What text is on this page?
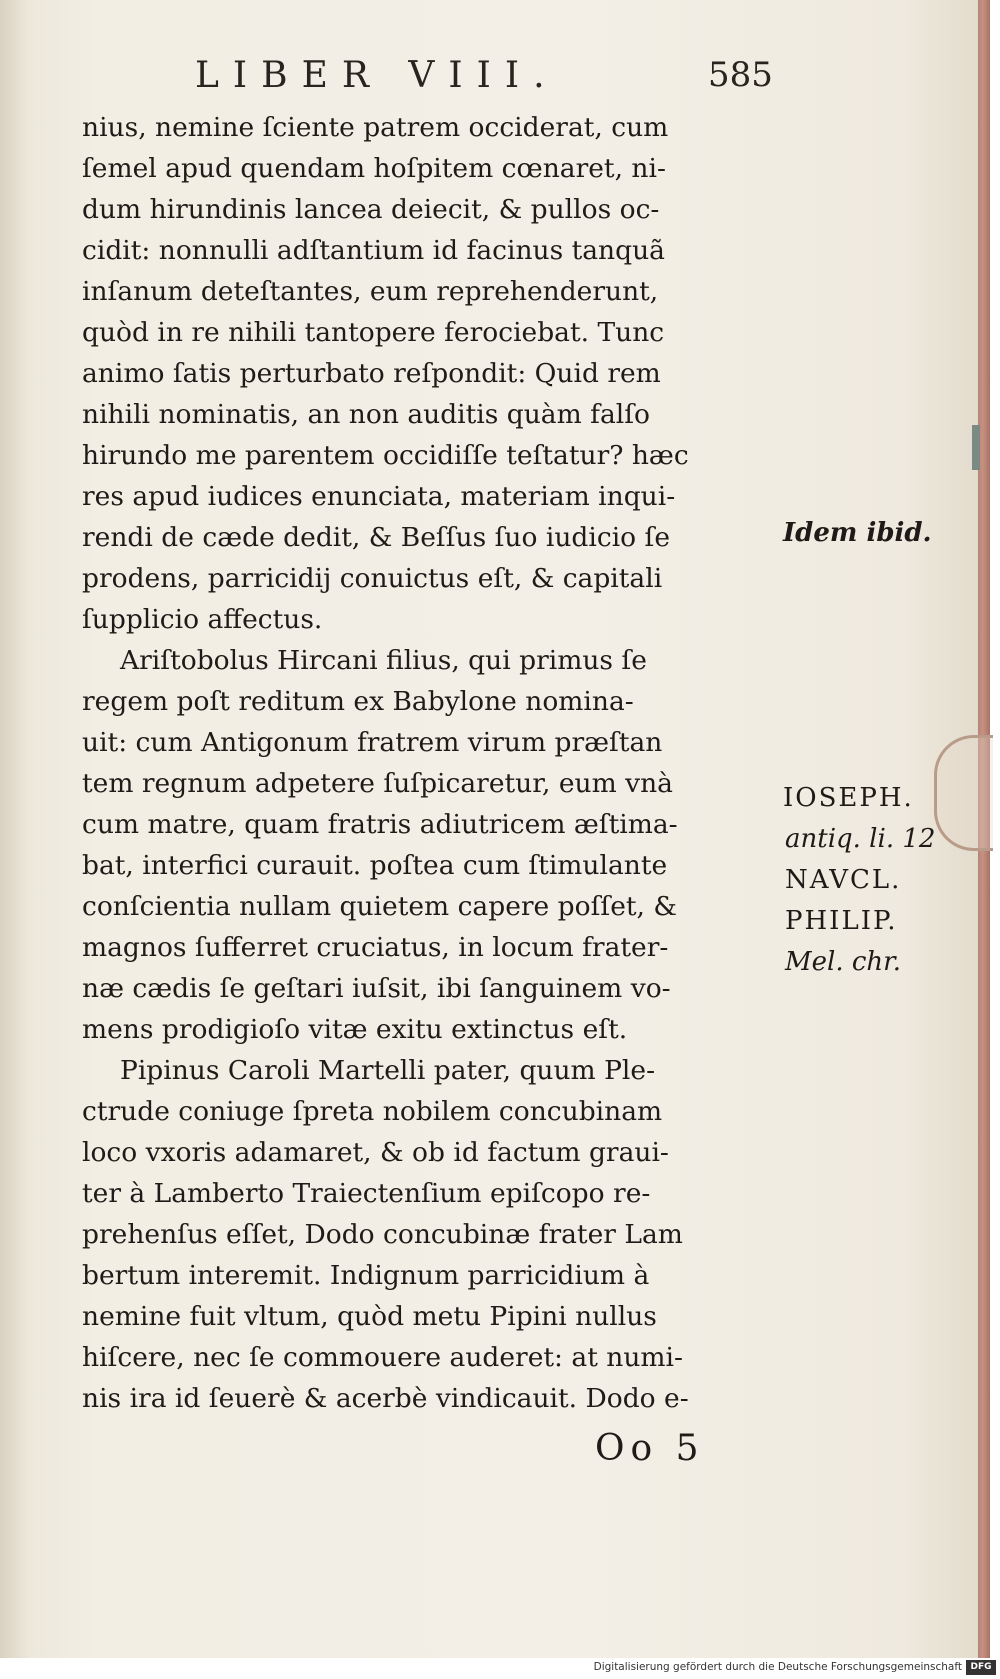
LIBER VIII.	585
nius, nemine ſciente patrem occiderat, cum
ſemel apud quendam hoſpitem cœnaret, ni-
dum hirundinis lancea deiecit, & pullos oc-
cidit: nonnulli adſtantium id facinus tanquã
inſanum deteſtantes, eum reprehenderunt,
quòd in re nihili tantopere ferociebat. Tunc
animo ſatis perturbato reſpondit: Quid rem
nihili nominatis, an non auditis quàm falſo
hirundo me parentem occidiſſe teſtatur? hæc
res apud iudices enunciata, materiam inqui-
rendi de cæde dedit, & Beſſus ſuo iudicio ſe
prodens, parricidij conuictus eſt, & capitali
ſupplicio affectus.
Ariſtobolus Hircani filius, qui primus ſe
regem poſt reditum ex Babylone nomina-
uit: cum Antigonum fratrem virum præſtan
tem regnum adpetere ſuſpicaretur, eum vnà
cum matre, quam fratris adiutricem æſtima-
bat, interfici curauit. poſtea cum ſtimulante
conſcientia nullam quietem capere poſſet, &
magnos ſufferret cruciatus, in locum frater-
næ cædis ſe geſtari iuſsit, ibi ſanguinem vo-
mens prodigioſo vitæ exitu extinctus eſt.
Pipinus Caroli Martelli pater, quum Ple-
ctrude coniuge ſpreta nobilem concubinam
loco vxoris adamaret, & ob id factum graui-
ter à Lamberto Traiectenſium epiſcopo re-
prehenſus eſſet, Dodo concubinæ frater Lam
bertum interemit. Indignum parricidium à
nemine fuit vltum, quòd metu Pipini nullus
hiſcere, nec ſe commouere auderet: at numi-
nis ira id ſeuerè & acerbè vindicauit. Dodo e-
Idem ibid.
IOSEPH.
antiq. li. 12
NAVCL.
PHILIP.
Mel. chr.
Oo 5
Digitalisierung gefördert durch die Deutsche Forschungsgemeinschaft DFG
